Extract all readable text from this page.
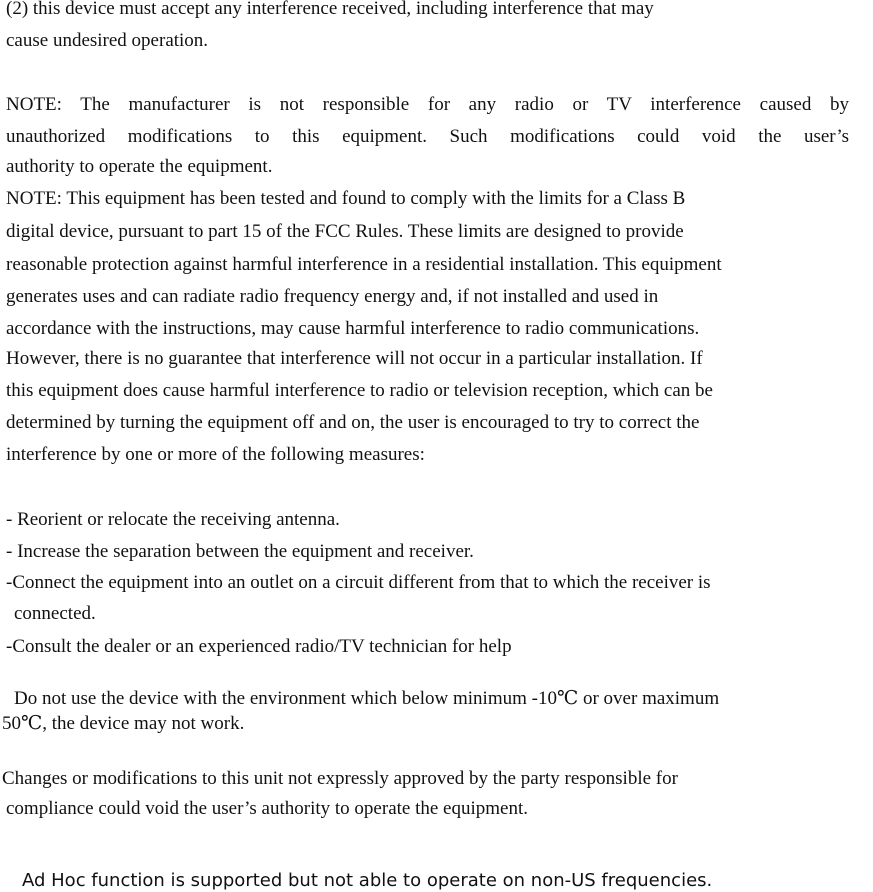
(2) this device must accept any interference received, including interference that may
cause undesired operation.
NOTE: The manufacturer is not responsible for any radio or TV interference caused by
unauthorized modifications to this equipment. Such modifications could void the user’s
authority to operate the equipment.
NOTE: This equipment has been tested and found to comply with the limits for a Class B
digital device, pursuant to part 15 of the FCC Rules. These limits are designed to provide
reasonable protection against harmful interference in a residential installation. This equipment
generates uses and can radiate radio frequency energy and, if not installed and used in
accordance with the instructions, may cause harmful interference to radio communications.
However, there is no guarantee that interference will not occur in a particular installation. If
this equipment does cause harmful interference to radio or television reception, which can be
determined by turning the equipment off and on, the user is encouraged to try to correct the
interference by one or more of the following measures:
- Reorient or relocate the receiving antenna.
- Increase the separation between the equipment and receiver.
-Connect the equipment into an outlet on a circuit different from that to which the receiver is
connected.
-Consult the dealer or an experienced radio/TV technician for help
Do not use the device with the environment which below minimum -10℃ or over maximum
50℃, the device may not work.
Changes or modifications to this unit not expressly approved by the party responsible for
compliance could void the user’s authority to operate the equipment.
Ad Hoc function is supported but not able to operate on non-US frequencies.
